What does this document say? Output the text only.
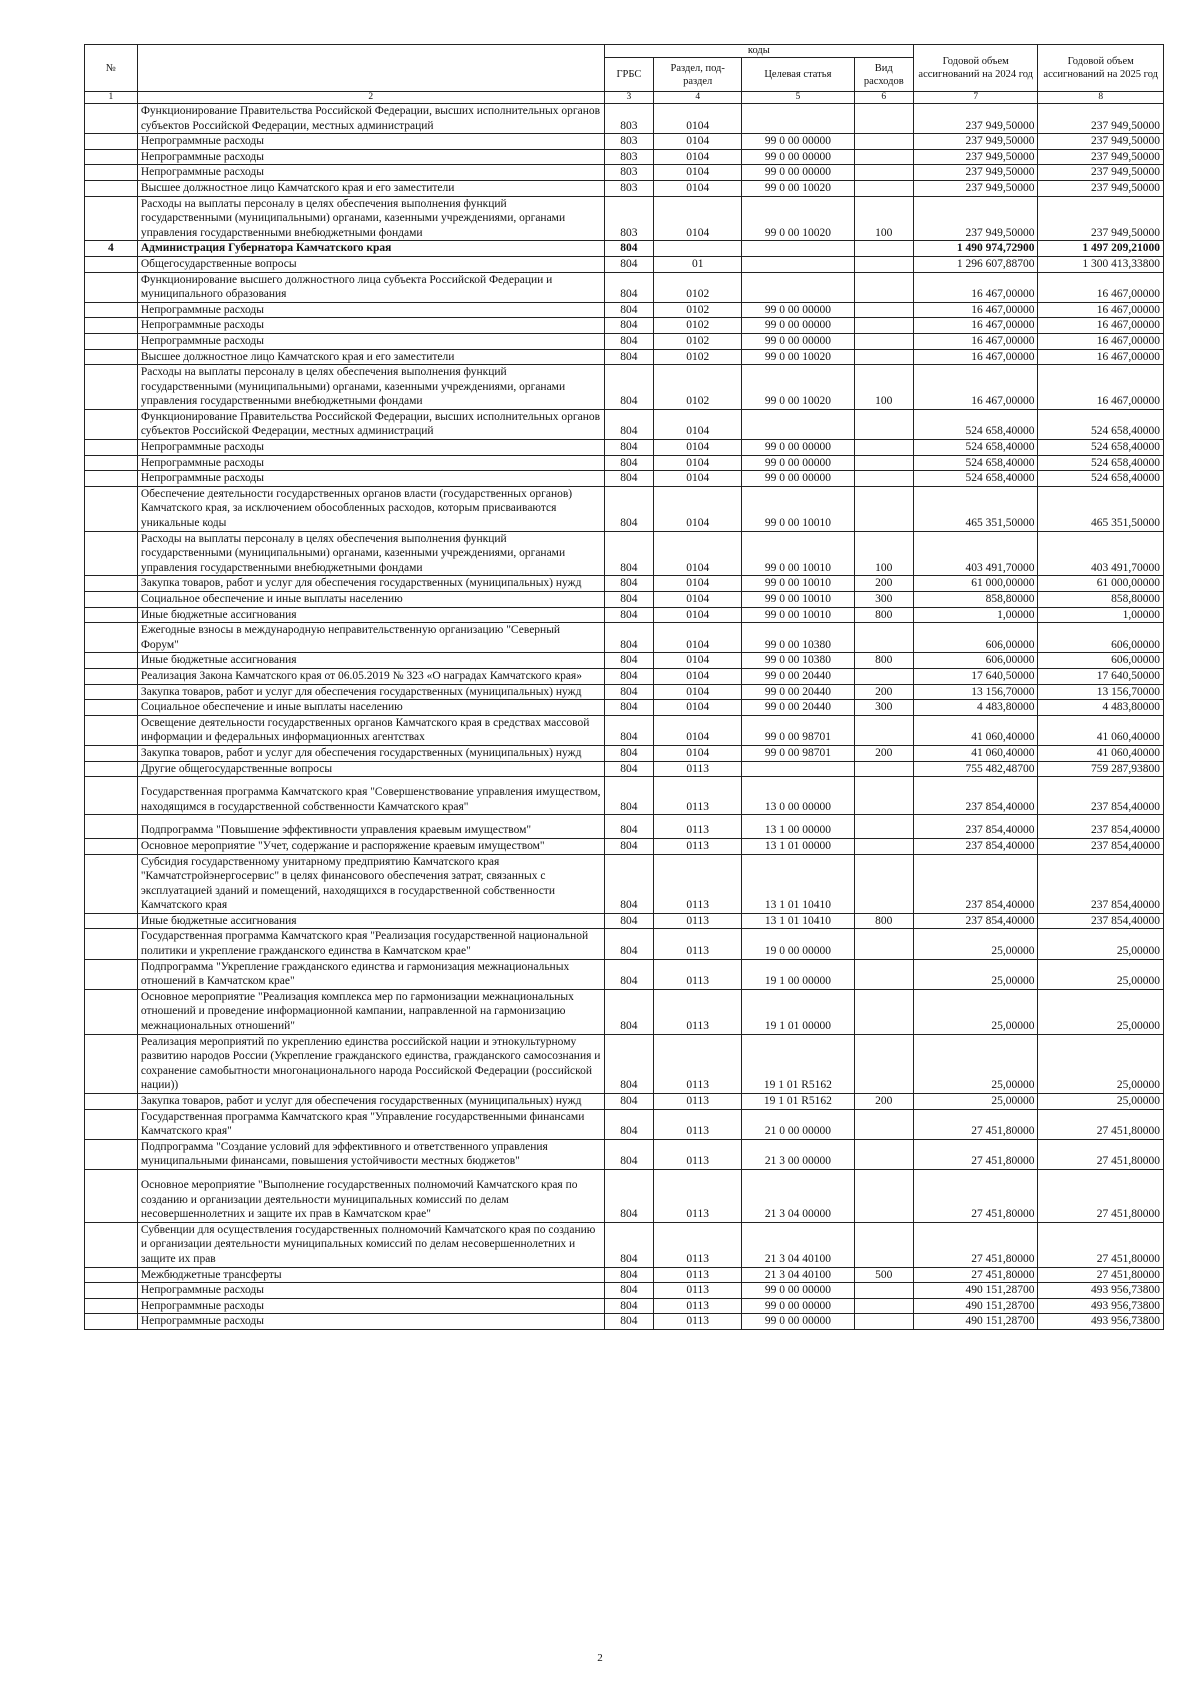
№		коды				Годовой объем ассигнований на 2024 год	Годовой объем ассигнований на 2025 год
		ГРБС	Раздел, под-раздел	Целевая статья	Вид расходов		
1	2	3	4	5	6	7	8
	Функционирование Правительства Российской Федерации, высших исполнительных органов субъектов Российской Федерации, местных администраций	803	0104			237 949,50000	237 949,50000
	Непрограммные расходы	803	0104	99 0 00 00000		237 949,50000	237 949,50000
	Непрограммные расходы	803	0104	99 0 00 00000		237 949,50000	237 949,50000
	Непрограммные расходы	803	0104	99 0 00 00000		237 949,50000	237 949,50000
	Высшее должностное лицо Камчатского края и его заместители	803	0104	99 0 00 10020		237 949,50000	237 949,50000
	Расходы на выплаты персоналу в целях обеспечения выполнения функций государственными (муниципальными) органами, казенными учреждениями, органами управления государственными внебюджетными фондами	803	0104	99 0 00 10020	100	237 949,50000	237 949,50000
4	Администрация Губернатора Камчатского края	804				1 490 974,72900	1 497 209,21000
	Общегосударственные вопросы	804	01			1 296 607,88700	1 300 413,33800
	Функционирование высшего должностного лица субъекта Российской Федерации и муниципального образования	804	0102			16 467,00000	16 467,00000
	Непрограммные расходы	804	0102	99 0 00 00000		16 467,00000	16 467,00000
	Непрограммные расходы	804	0102	99 0 00 00000		16 467,00000	16 467,00000
	Непрограммные расходы	804	0102	99 0 00 00000		16 467,00000	16 467,00000
	Высшее должностное лицо Камчатского края и его заместители	804	0102	99 0 00 10020		16 467,00000	16 467,00000
	Расходы на выплаты персоналу в целях обеспечения выполнения функций государственными (муниципальными) органами, казенными учреждениями, органами управления государственными внебюджетными фондами	804	0102	99 0 00 10020	100	16 467,00000	16 467,00000
	Функционирование Правительства Российской Федерации, высших исполнительных органов субъектов Российской Федерации, местных администраций	804	0104			524 658,40000	524 658,40000
	Непрограммные расходы	804	0104	99 0 00 00000		524 658,40000	524 658,40000
	Непрограммные расходы	804	0104	99 0 00 00000		524 658,40000	524 658,40000
	Непрограммные расходы	804	0104	99 0 00 00000		524 658,40000	524 658,40000
	Обеспечение деятельности государственных органов власти (государственных органов) Камчатского края, за исключением обособленных расходов, которым присваиваются уникальные коды	804	0104	99 0 00 10010		465 351,50000	465 351,50000
	Расходы на выплаты персоналу в целях обеспечения выполнения функций государственными (муниципальными) органами, казенными учреждениями, органами управления государственными внебюджетными фондами	804	0104	99 0 00 10010	100	403 491,70000	403 491,70000
	Закупка товаров, работ и услуг для обеспечения государственных (муниципальных) нужд	804	0104	99 0 00 10010	200	61 000,00000	61 000,00000
	Социальное обеспечение и иные выплаты населению	804	0104	99 0 00 10010	300	858,80000	858,80000
	Иные бюджетные ассигнования	804	0104	99 0 00 10010	800	1,00000	1,00000
	Ежегодные взносы в международную неправительственную организацию "Северный Форум"	804	0104	99 0 00 10380		606,00000	606,00000
	Иные бюджетные ассигнования	804	0104	99 0 00 10380	800	606,00000	606,00000
	Реализация Закона Камчатского края от 06.05.2019 № 323 «О наградах Камчатского края»	804	0104	99 0 00 20440		17 640,50000	17 640,50000
	Закупка товаров, работ и услуг для обеспечения государственных (муниципальных) нужд	804	0104	99 0 00 20440	200	13 156,70000	13 156,70000
	Социальное обеспечение и иные выплаты населению	804	0104	99 0 00 20440	300	4 483,80000	4 483,80000
	Освещение деятельности государственных органов Камчатского края в средствах массовой информации и федеральных информационных агентствах	804	0104	99 0 00 98701		41 060,40000	41 060,40000
	Закупка товаров, работ и услуг для обеспечения государственных (муниципальных) нужд	804	0104	99 0 00 98701	200	41 060,40000	41 060,40000
	Другие общегосударственные вопросы	804	0113			755 482,48700	759 287,93800
	Государственная программа Камчатского края "Совершенствование управления имуществом, находящимся в государственной собственности Камчатского края"	804	0113	13 0 00 00000		237 854,40000	237 854,40000
	Подпрограмма "Повышение эффективности управления краевым имуществом"	804	0113	13 1 00 00000		237 854,40000	237 854,40000
	Основное мероприятие "Учет, содержание и распоряжение краевым имуществом"	804	0113	13 1 01 00000		237 854,40000	237 854,40000
	Субсидия государственному унитарному предприятию Камчатского края "Камчатстройэнергосервис" в целях финансового обеспечения затрат, связанных с эксплуатацией зданий и помещений, находящихся в государственной собственности Камчатского края	804	0113	13 1 01 10410		237 854,40000	237 854,40000
	Иные бюджетные ассигнования	804	0113	13 1 01 10410	800	237 854,40000	237 854,40000
	Государственная программа Камчатского края "Реализация государственной национальной политики и укрепление гражданского единства в Камчатском крае"	804	0113	19 0 00 00000		25,00000	25,00000
	Подпрограмма "Укрепление гражданского единства и гармонизация межнациональных отношений в Камчатском крае"	804	0113	19 1 00 00000		25,00000	25,00000
	Основное мероприятие "Реализация комплекса мер по гармонизации межнациональных отношений и проведение информационной кампании, направленной на гармонизацию межнациональных отношений"	804	0113	19 1 01 00000		25,00000	25,00000
	Реализация мероприятий по укреплению единства российской нации и этнокультурному развитию народов России (Укрепление гражданского единства, гражданского самосознания и сохранение самобытности многонационального народа Российской Федерации (российской нации))	804	0113	19 1 01 R5162		25,00000	25,00000
	Закупка товаров, работ и услуг для обеспечения государственных (муниципальных) нужд	804	0113	19 1 01 R5162	200	25,00000	25,00000
	Государственная программа Камчатского края "Управление государственными финансами Камчатского края"	804	0113	21 0 00 00000		27 451,80000	27 451,80000
	Подпрограмма "Создание условий для эффективного и ответственного управления муниципальными финансами, повышения устойчивости местных бюджетов"	804	0113	21 3 00 00000		27 451,80000	27 451,80000
	Основное мероприятие "Выполнение государственных полномочий Камчатского края по созданию и организации деятельности муниципальных комиссий по делам несовершеннолетних и защите их прав в Камчатском крае"	804	0113	21 3 04 00000		27 451,80000	27 451,80000
	Субвенции для осуществления государственных полномочий Камчатского края по созданию и организации деятельности муниципальных комиссий по делам несовершеннолетних и защите их прав	804	0113	21 3 04 40100		27 451,80000	27 451,80000
	Межбюджетные трансферты	804	0113	21 3 04 40100	500	27 451,80000	27 451,80000
	Непрограммные расходы	804	0113	99 0 00 00000		490 151,28700	493 956,73800
	Непрограммные расходы	804	0113	99 0 00 00000		490 151,28700	493 956,73800
	Непрограммные расходы	804	0113	99 0 00 00000		490 151,28700	493 956,73800
2
